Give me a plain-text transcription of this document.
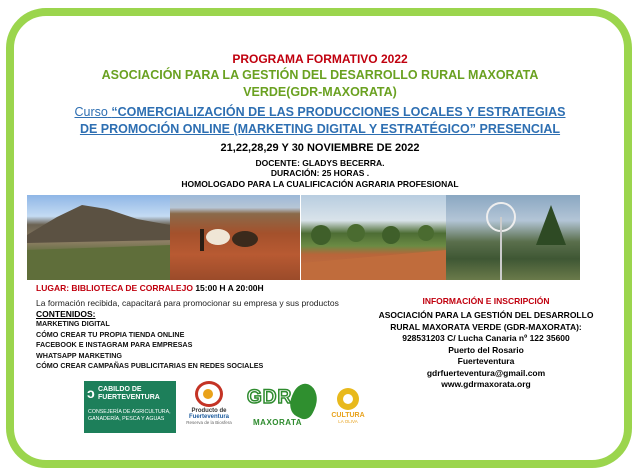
PROGRAMA FORMATIVO 2022
ASOCIACIÓN PARA LA GESTIÓN DEL DESARROLLO RURAL MAXORATA
VERDE(GDR-MAXORATA)
Curso “COMERCIALIZACIÓN DE LAS PRODUCCIONES LOCALES Y ESTRATEGIAS
DE PROMOCIÓN ONLINE (MARKETING DIGITAL Y ESTRATÉGICO” PRESENCIAL
21,22,28,29 Y 30 NOVIEMBRE DE 2022
DOCENTE: GLADYS BECERRA.
DURACIÓN: 25 HORAS .
HOMOLOGADO PARA LA CUALIFICACIÓN AGRARIA PROFESIONAL
LUGAR: BIBLIOTECA DE CORRALEJO 15:00 H A 20:00H
La formación recibida, capacitará para promocionar su empresa y sus productos
CONTENIDOS:
MARKETING DIGITAL
CÓMO CREAR TU PROPIA TIENDA ONLINE
FACEBOOK E INSTAGRAM PARA EMPRESAS
WHATSAPP MARKETING
CÓMO CREAR CAMPAÑAS PUBLICITARIAS EN REDES SOCIALES
INFORMACIÓN E INSCRIPCIÓN
ASOCIACIÓN PARA LA GESTIÓN DEL DESARROLLO
RURAL MAXORATA VERDE (GDR-MAXORATA):
928531203 C/ Lucha Canaria nº 122 35600
Puerto del Rosario
Fuerteventura
gdrfuerteventura@gmail.com
www.gdrmaxorata.org
ↄ CABILDO DE
FUERTEVENTURA
CONSEJERÍA DE AGRICULTURA, GANADERÍA, PESCA Y AGUAS
Producto de
Fuerteventura
Reserva de la Biosfera
GDR
MAXORATA
CULTURA
LA OLIVA
